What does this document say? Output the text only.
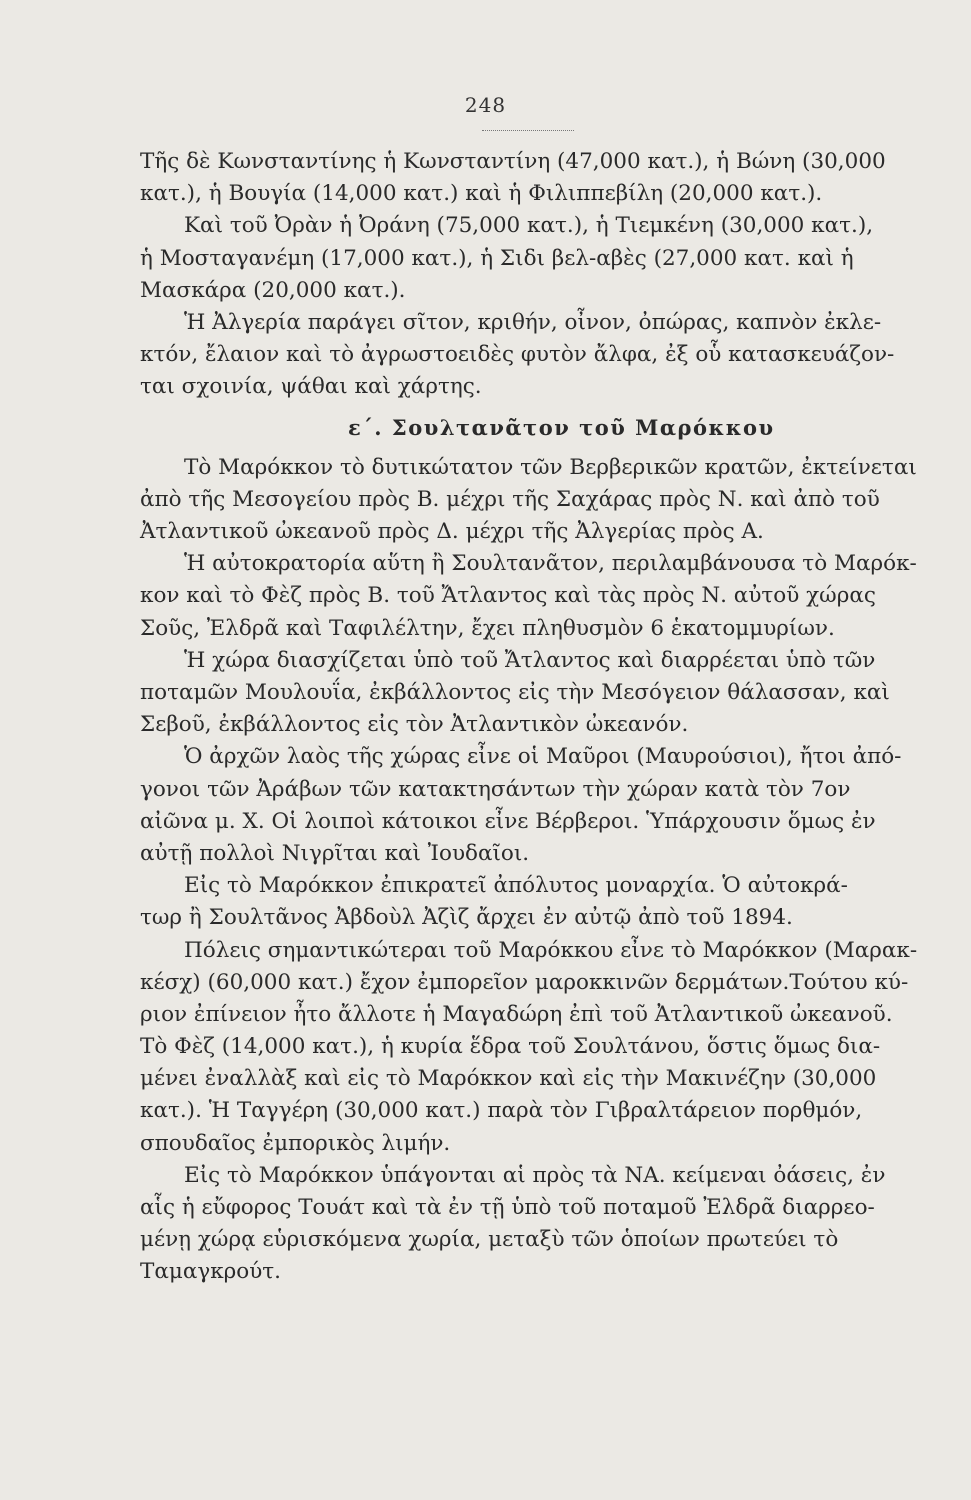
248
Τῆς δὲ Κωνσταντίνης ἡ Κωνσταντίνη (47,000 κατ.), ἡ Βώνη (30,000
κατ.), ἡ Βουγία (14,000 κατ.) καὶ ἡ Φιλιππεβίλη (20,000 κατ.).
Καὶ τοῦ Ὀρὰν ἡ Ὀράνη (75,000 κατ.), ἡ Τιεμκένη (30,000 κατ.),
ἡ Μοσταγανέμη (17,000 κατ.), ἡ Σιδι βελ-αβὲς (27,000 κατ. καὶ ἡ
Μασκάρα (20,000 κατ.).
Ἡ Ἀλγερία παράγει σῖτον, κριθήν, οἶνον, ὀπώρας, καπνὸν ἐκλε-
κτόν, ἔλαιον καὶ τὸ ἀγρωστοειδὲς φυτὸν ἄλφα, ἐξ οὗ κατασκευάζον-
ται σχοινία, ψάθαι καὶ χάρτης.
ε΄. Σουλτανᾶτον τοῦ Μαρόκκου
Τὸ Μαρόκκον τὸ δυτικώτατον τῶν Βερβερικῶν κρατῶν, ἐκτείνεται
ἀπὸ τῆς Μεσογείου πρὸς Β. μέχρι τῆς Σαχάρας πρὸς Ν. καὶ ἀπὸ τοῦ
Ἀτλαντικοῦ ὠκεανοῦ πρὸς Δ. μέχρι τῆς Ἀλγερίας πρὸς Α.
Ἡ αὐτοκρατορία αὕτη ἢ Σουλτανᾶτον, περιλαμβάνουσα τὸ Μαρόκ-
κον καὶ τὸ Φὲζ πρὸς Β. τοῦ Ἄτλαντος καὶ τὰς πρὸς Ν. αὐτοῦ χώρας
Σοῦς, Ἐλδρᾶ καὶ Ταφιλέλτην, ἔχει πληθυσμὸν 6 ἑκατομμυρίων.
Ἡ χώρα διασχίζεται ὑπὸ τοῦ Ἄτλαντος καὶ διαρρέεται ὑπὸ τῶν
ποταμῶν Μουλουΐα, ἐκβάλλοντος εἰς τὴν Μεσόγειον θάλασσαν, καὶ
Σεβοῦ, ἐκβάλλοντος εἰς τὸν Ἀτλαντικὸν ὠκεανόν.
Ὁ ἀρχῶν λαὸς τῆς χώρας εἶνε οἱ Μαῦροι (Μαυρούσιοι), ἤτοι ἀπό-
γονοι τῶν Ἀράβων τῶν κατακτησάντων τὴν χώραν κατὰ τὸν 7ον
αἰῶνα μ. Χ. Οἱ λοιποὶ κάτοικοι εἶνε Βέρβεροι. Ὑπάρχουσιν ὅμως ἐν
αὐτῇ πολλοὶ Νιγρῖται καὶ Ἰουδαῖοι.
Εἰς τὸ Μαρόκκον ἐπικρατεῖ ἀπόλυτος μοναρχία. Ὁ αὐτοκρά-
τωρ ἢ Σουλτᾶνος Ἀβδοὺλ Ἀζὶζ ἄρχει ἐν αὐτῷ ἀπὸ τοῦ 1894.
Πόλεις σημαντικώτεραι τοῦ Μαρόκκου εἶνε τὸ Μαρόκκον (Μαρακ-
κέσχ) (60,000 κατ.) ἔχον ἐμπορεῖον μαροκκινῶν δερμάτων.Τούτου κύ-
ριον ἐπίνειον ἦτο ἄλλοτε ἡ Μαγαδώρη ἐπὶ τοῦ Ἀτλαντικοῦ ὠκεανοῦ.
Τὸ Φὲζ (14,000 κατ.), ἡ κυρία ἕδρα τοῦ Σουλτάνου, ὅστις ὅμως δια-
μένει ἐναλλὰξ καὶ εἰς τὸ Μαρόκκον καὶ εἰς τὴν Μακινέζην (30,000
κατ.). Ἡ Ταγγέρη (30,000 κατ.) παρὰ τὸν Γιβραλτάρειον πορθμόν,
σπουδαῖος ἐμπορικὸς λιμήν.
Εἰς τὸ Μαρόκκον ὑπάγονται αἱ πρὸς τὰ ΝΑ. κείμεναι ὀάσεις, ἐν
αἷς ἡ εὔφορος Τουάτ καὶ τὰ ἐν τῇ ὑπὸ τοῦ ποταμοῦ Ἐλδρᾶ διαρρεο-
μένῃ χώρᾳ εὑρισκόμενα χωρία, μεταξὺ τῶν ὁποίων πρωτεύει τὸ
Ταμαγκρούτ.
